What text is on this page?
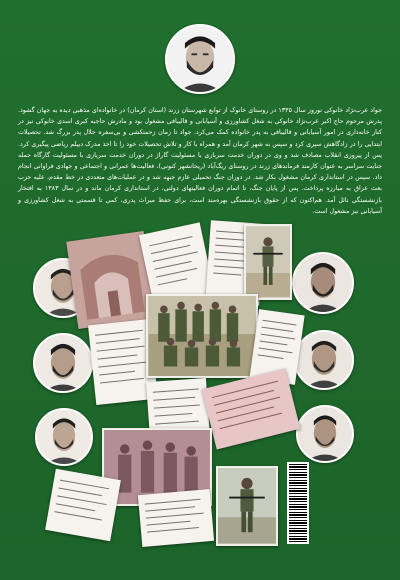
جواد عرب‌نژاد خانوکی نوروز سال ۱۳۳۵ در روستای خانوک از توابع شهرستان زرند (استان کرمان) در خانواده‌ای مذهبی دیده به جهان گشود. پدرش مرحوم حاج اکبر عرب‌نژاد خانوکی به شغل کشاورزی و آسیابانی و قالیبافی مشغول بود و مادرش حاجیه کبری اسدی خانوکی نیز در کنار خانه‌داری در امور آسیابانی و قالیبافی به پدر خانواده کمک می‌کرد. جواد تا زمان زحمتکشی و بی‌سفره حلال پدر بزرگ شد. تحصیلات ابتدایی را در زادگاهش سپری کرد و سپس به شهر کرمان آمد و همراه با کار و تلاش تحصیلات خود را تا اخذ مدرک دیپلم ریاضی پیگیری کرد. پس از پیروزی انقلاب مصادف شد و وی در دوران خدمت سربازی با مسئولیت گاراژ در دوران خدمت سربازی با مسئولیت گارگاه حمله جنایت سراسر به عنوان کارمند فرماندهای زرند در روستای ریگ‌آباد (ریحانشهر کنونی)، فعالیت‌ها عمرانی و اجتماعی و جهادی فراوانی انجام داد. سپس در استانداری کرمان مشغول بکار شد. در دوران جنگ تحمیلی عازم جبهه شد و در عملیات‌های متعددی در خط مقدم، علیه حزب بعث عراق به مبارزه پرداخت. پس از پایان جنگ، تا اتمام دوران فعالیتهای دولتی، در استانداری کرمان ماند و در سال ۱۳۸۳ به افتخار بازنشستگی نائل آمد. هم‌اکنون که از حقوق بازنشستگی بهره‌مند است، برای حفظ میراث پدری، کمی تا قسمتی به شغل کشاورزی و آسیابانی نیز مشغول است.
